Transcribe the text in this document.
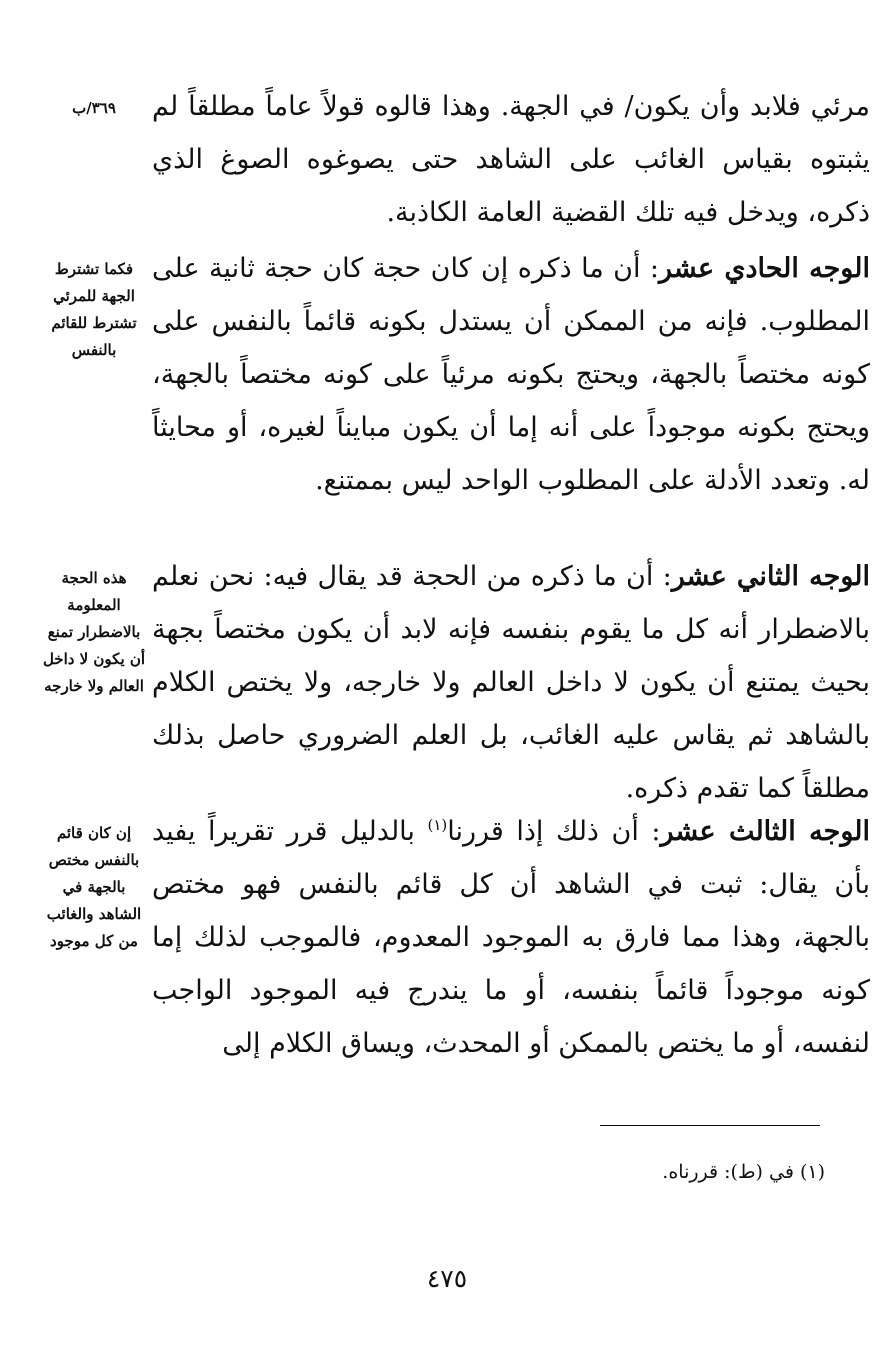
مرئي فلابد وأن يكون/ في الجهة. وهذا قالوه قولاً عاماً مطلقاً لم يثبتوه بقياس الغائب على الشاهد حتى يصوغوه الصوغ الذي ذكره، ويدخل فيه تلك القضية العامة الكاذبة.

الوجه الحادي عشر: أن ما ذكره إن كان حجة كان حجة ثانية على المطلوب. فإنه من الممكن أن يستدل بكونه قائماً بالنفس على كونه مختصاً بالجهة، ويحتج بكونه مرئياً على كونه مختصاً بالجهة، ويحتج بكونه موجوداً على أنه إما أن يكون مبايناً لغيره، أو محايثاً له. وتعدد الأدلة على المطلوب الواحد ليس بممتنع.

الوجه الثاني عشر: أن ما ذكره من الحجة قد يقال فيه: نحن نعلم بالاضطرار أنه كل ما يقوم بنفسه فإنه لابد أن يكون مختصاً بجهة بحيث يمتنع أن يكون لا داخل العالم ولا خارجه، ولا يختص الكلام بالشاهد ثم يقاس عليه الغائب، بل العلم الضروري حاصل بذلك مطلقاً كما تقدم ذكره.

الوجه الثالث عشر: أن ذلك إذا قررنا$^{(١)}$ بالدليل قرر تقريراً يفيد بأن يقال: ثبت في الشاهد أن كل قائم بالنفس فهو مختص بالجهة، وهذا مما فارق به الموجود المعدوم، فالموجب لذلك إما كونه موجوداً قائماً بنفسه، أو ما يندرج فيه الموجود الواجب لنفسه، أو ما يختص بالممكن أو المحدث، ويساق الكلام إلى

٣٦٩/ب
فكما تشترط الجهة للمرئي تشترط للقائم بالنفس
هذه الحجة المعلومة بالاضطرار تمنع أن يكون لا داخل العالم ولا خارجه
إن كان قائم بالنفس مختص بالجهة في الشاهد والغائب من كل موجود
(١) في (ط): قررناه.
٤٧٥
